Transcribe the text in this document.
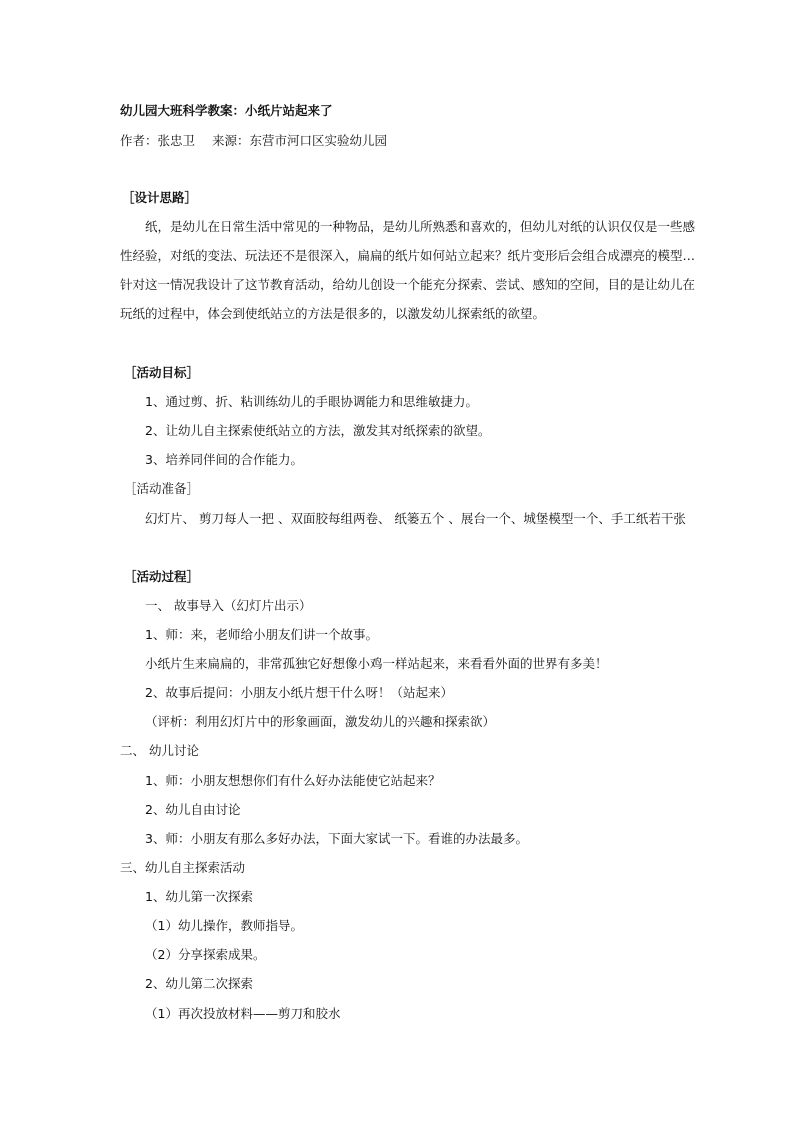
幼儿园大班科学教案：小纸片站起来了
作者：张忠卫 来源：东营市河口区实验幼儿园
［设计思路］
纸，是幼儿在日常生活中常见的一种物品，是幼儿所熟悉和喜欢的，但幼儿对纸的认识仅仅是一些感
性经验，对纸的变法、玩法还不是很深入，扁扁的纸片如何站立起来？纸片变形后会组合成漂亮的模型…
针对这一情况我设计了这节教育活动，给幼儿创设一个能充分探索、尝试、感知的空间，目的是让幼儿在
玩纸的过程中，体会到使纸站立的方法是很多的，以激发幼儿探索纸的欲望。
［活动目标］
1、通过剪、折、粘训练幼儿的手眼协调能力和思维敏捷力。
2、让幼儿自主探索使纸站立的方法，激发其对纸探索的欲望。
3、培养同伴间的合作能力。
［活动准备］
幻灯片、 剪刀每人一把 、双面胶每组两卷、 纸篓五个 、展台一个、城堡模型一个、手工纸若干张
［活动过程］
一、 故事导入（幻灯片出示）
1、师：来，老师给小朋友们讲一个故事。
小纸片生来扁扁的，非常孤独它好想像小鸡一样站起来，来看看外面的世界有多美！
2、故事后提问：小朋友小纸片想干什么呀！（站起来）
（评析：利用幻灯片中的形象画面，激发幼儿的兴趣和探索欲）
二、 幼儿讨论
1、师：小朋友想想你们有什么好办法能使它站起来？
2、幼儿自由讨论
3、师：小朋友有那么多好办法，下面大家试一下。看谁的办法最多。
三、幼儿自主探索活动
1、幼儿第一次探索
（1）幼儿操作，教师指导。
（2）分享探索成果。
2、幼儿第二次探索
（1）再次投放材料——剪刀和胶水
